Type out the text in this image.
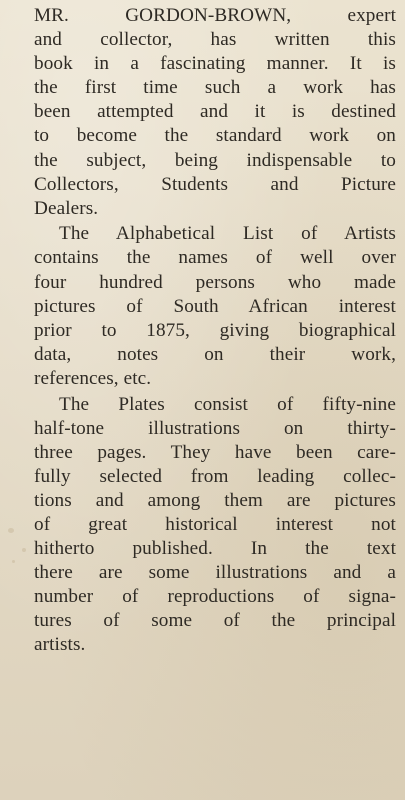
MR. GORDON-BROWN, expert
and collector, has written this
book in a fascinating manner. It is
the first time such a work has
been attempted and it is destined
to become the standard work on
the subject, being indispensable to
Collectors, Students and Picture
Dealers.
The Alphabetical List of Artists
contains the names of well over
four hundred persons who made
pictures of South African interest
prior to 1875, giving biographical
data, notes on their work,
references, etc.
The Plates consist of fifty-nine
half-tone illustrations on thirty-
three pages. They have been care-
fully selected from leading collec-
tions and among them are pictures
of great historical interest not
hitherto published. In the text
there are some illustrations and a
number of reproductions of signa-
tures of some of the principal
artists.
